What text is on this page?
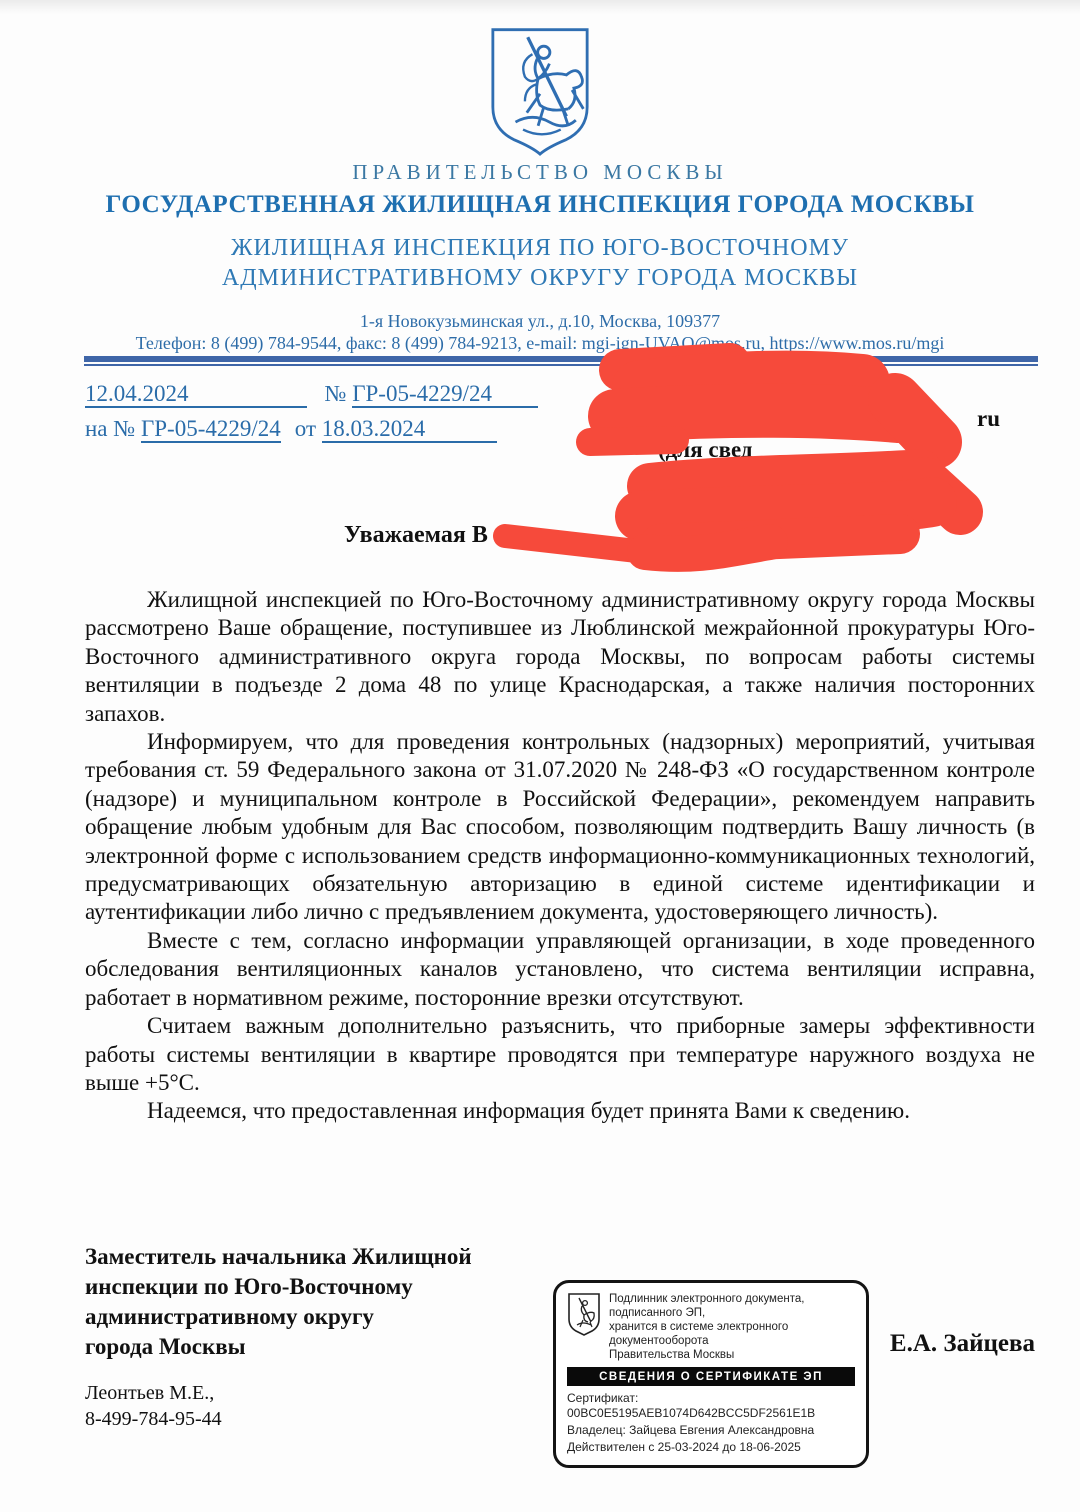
ПРАВИТЕЛЬСТВО МОСКВЫ
ГОСУДАРСТВЕННАЯ ЖИЛИЩНАЯ ИНСПЕКЦИЯ ГОРОДА МОСКВЫ
ЖИЛИЩНАЯ ИНСПЕКЦИЯ ПО ЮГО-ВОСТОЧНОМУ
АДМИНИСТРАТИВНОМУ ОКРУГУ ГОРОДА МОСКВЫ
1-я Новокузьминская ул., д.10, Москва, 109377
Телефон: 8 (499) 784-9544, факс: 8 (499) 784-9213, e-mail: mgi-ign-UVAO@mos.ru, https://www.mos.ru/mgi
12.04.2024	№ ГР-05-4229/24
на № ГР-05-4229/24 от 18.03.2024	ru
(для свед
Уважаемая В

Жилищной инспекцией по Юго-Восточному административному округу города Москвы рассмотрено Ваше обращение, поступившее из Люблинской межрайонной прокуратуры Юго-Восточного административного округа города Москвы, по вопросам работы системы вентиляции в подъезде 2 дома 48 по улице Краснодарская, а также наличия посторонних запахов.

Информируем, что для проведения контрольных (надзорных) мероприятий, учитывая требования ст. 59 Федерального закона от 31.07.2020 № 248-ФЗ «О государственном контроле (надзоре) и муниципальном контроле в Российской Федерации», рекомендуем направить обращение любым удобным для Вас способом, позволяющим подтвердить Вашу личность (в электронной форме с использованием средств информационно-коммуникационных технологий, предусматривающих обязательную авторизацию в единой системе идентификации и аутентификации либо лично с предъявлением документа, удостоверяющего личность).

Вместе с тем, согласно информации управляющей организации, в ходе проведенного обследования вентиляционных каналов установлено, что система вентиляции исправна, работает в нормативном режиме, посторонние врезки отсутствуют.

Считаем важным дополнительно разъяснить, что приборные замеры эффективности работы системы вентиляции в квартире проводятся при температуре наружного воздуха не выше +5°С.

Надеемся, что предоставленная информация будет принята Вами к сведению.

Заместитель начальника Жилищной
инспекции по Юго-Восточному
административному округу
города Москвы
Леонтьев М.Е.,
8-499-784-95-44
Подлинник электронного документа, подписанного ЭП,
хранится в системе электронного документооборота
Правительства Москвы
СВЕДЕНИЯ О СЕРТИФИКАТЕ ЭП
Сертификат: 00BC0E5195AEB1074D642BCC5DF2561E1B
Владелец: Зайцева Евгения Александровна
Действителен с 25-03-2024 до 18-06-2025
Е.А. Зайцева
